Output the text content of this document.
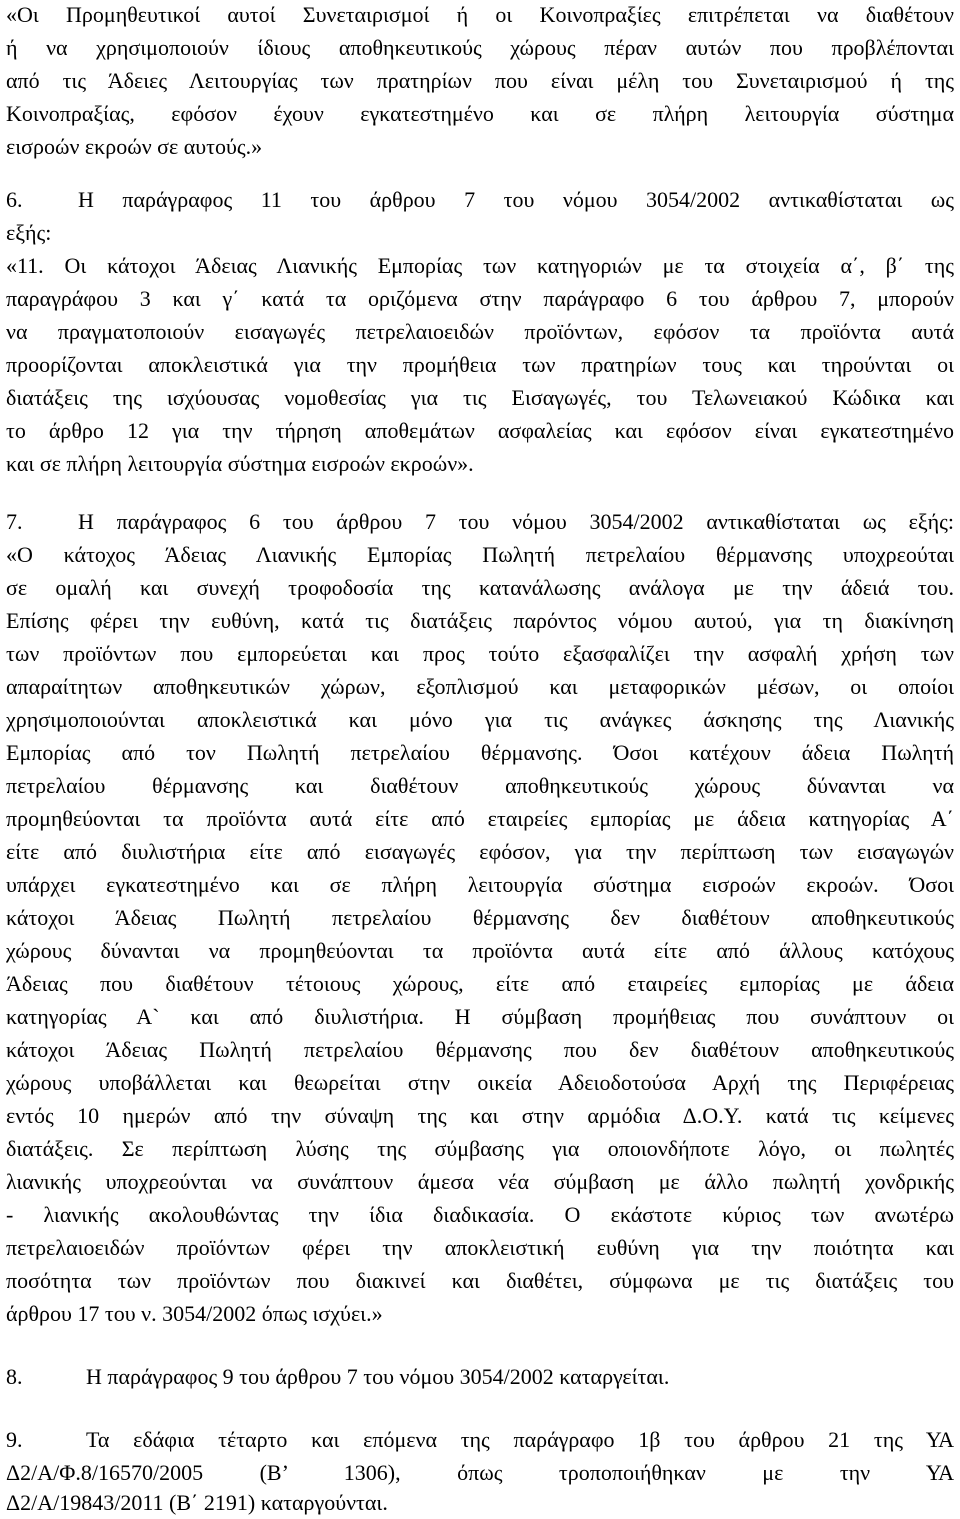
«Οι Προμηθευτικοί αυτοί Συνεταιρισμοί ή οι Κοινοπραξίες επιτρέπεται να διαθέτουν
ή να χρησιμοποιούν ίδιους αποθηκευτικούς χώρους πέραν αυτών που προβλέπονται
από τις Άδειες Λειτουργίας των πρατηρίων που είναι μέλη του Συνεταιρισμού ή της
Κοινοπραξίας, εφόσον έχουν εγκατεστημένο και σε πλήρη λειτουργία σύστημα
εισροών εκροών σε αυτούς.»
6.	Η παράγραφος 11 του άρθρου 7 του νόμου 3054/2002 αντικαθίσταται ως
εξής:
«11. Οι κάτοχοι Άδειας Λιανικής Εμπορίας των κατηγοριών με τα στοιχεία α΄, β΄ της
παραγράφου 3 και γ΄ κατά τα οριζόμενα στην παράγραφο 6 του άρθρου 7, μπορούν
να πραγματοποιούν εισαγωγές πετρελαιοειδών προϊόντων, εφόσον τα προϊόντα αυτά
προορίζονται αποκλειστικά για την προμήθεια των πρατηρίων τους και τηρούνται οι
διατάξεις της ισχύουσας νομοθεσίας για τις Εισαγωγές, του Τελωνειακού Κώδικα και
το άρθρο 12 για την τήρηση αποθεμάτων ασφαλείας και εφόσον είναι εγκατεστημένο
και σε πλήρη λειτουργία σύστημα εισροών εκροών».
7.	Η παράγραφος 6 του άρθρου 7 του νόμου 3054/2002 αντικαθίσταται ως εξής:
«Ο κάτοχος Άδειας Λιανικής Εμπορίας Πωλητή πετρελαίου θέρμανσης υποχρεούται
σε ομαλή και συνεχή τροφοδοσία της κατανάλωσης ανάλογα με την άδειά του.
Επίσης φέρει την ευθύνη, κατά τις διατάξεις παρόντος νόμου αυτού, για τη διακίνηση
των προϊόντων που εμπορεύεται και προς τούτο εξασφαλίζει την ασφαλή χρήση των
απαραίτητων αποθηκευτικών χώρων, εξοπλισμού και μεταφορικών μέσων, οι οποίοι
χρησιμοποιούνται αποκλειστικά και μόνο για τις ανάγκες άσκησης της Λιανικής
Εμπορίας από τον Πωλητή πετρελαίου θέρμανσης. Όσοι κατέχουν άδεια Πωλητή
πετρελαίου θέρμανσης και διαθέτουν αποθηκευτικούς χώρους δύνανται να
προμηθεύονται τα προϊόντα αυτά είτε από εταιρείες εμπορίας με άδεια κατηγορίας Α΄
είτε από διυλιστήρια είτε από εισαγωγές εφόσον, για την περίπτωση των εισαγωγών
υπάρχει εγκατεστημένο και σε πλήρη λειτουργία σύστημα εισροών εκροών. Όσοι
κάτοχοι Άδειας Πωλητή πετρελαίου θέρμανσης δεν διαθέτουν αποθηκευτικούς
χώρους δύνανται να προμηθεύονται τα προϊόντα αυτά είτε από άλλους κατόχους
Άδειας που διαθέτουν τέτοιους χώρους, είτε από εταιρείες εμπορίας με άδεια
κατηγορίας Α` και από διυλιστήρια. Η σύμβαση προμήθειας που συνάπτουν οι
κάτοχοι Άδειας Πωλητή πετρελαίου θέρμανσης που δεν διαθέτουν αποθηκευτικούς
χώρους υποβάλλεται και θεωρείται στην οικεία Αδειοδοτούσα Αρχή της Περιφέρειας
εντός 10 ημερών από την σύναψη της και στην αρμόδια Δ.Ο.Υ. κατά τις κείμενες
διατάξεις. Σε περίπτωση λύσης της σύμβασης για οποιονδήποτε λόγο, οι πωλητές
λιανικής υποχρεούνται να συνάπτουν άμεσα νέα σύμβαση με άλλο πωλητή χονδρικής
- λιανικής ακολουθώντας την ίδια διαδικασία. Ο εκάστοτε κύριος των ανωτέρω
πετρελαιοειδών προϊόντων φέρει την αποκλειστική ευθύνη για την ποιότητα και
ποσότητα των προϊόντων που διακινεί και διαθέτει, σύμφωνα με τις διατάξεις του
άρθρου 17 του ν. 3054/2002 όπως ισχύει.»
8.	Η παράγραφος 9 του άρθρου 7 του νόμου 3054/2002 καταργείται.
9.	Τα εδάφια τέταρτο και επόμενα της παράγραφο 1β του άρθρου 21 της ΥΑ
Δ2/Α/Φ.8/16570/2005 (Β’ 1306), όπως τροποποιήθηκαν με την ΥΑ
Δ2/Α/19843/2011 (Β΄ 2191) καταργούνται.
